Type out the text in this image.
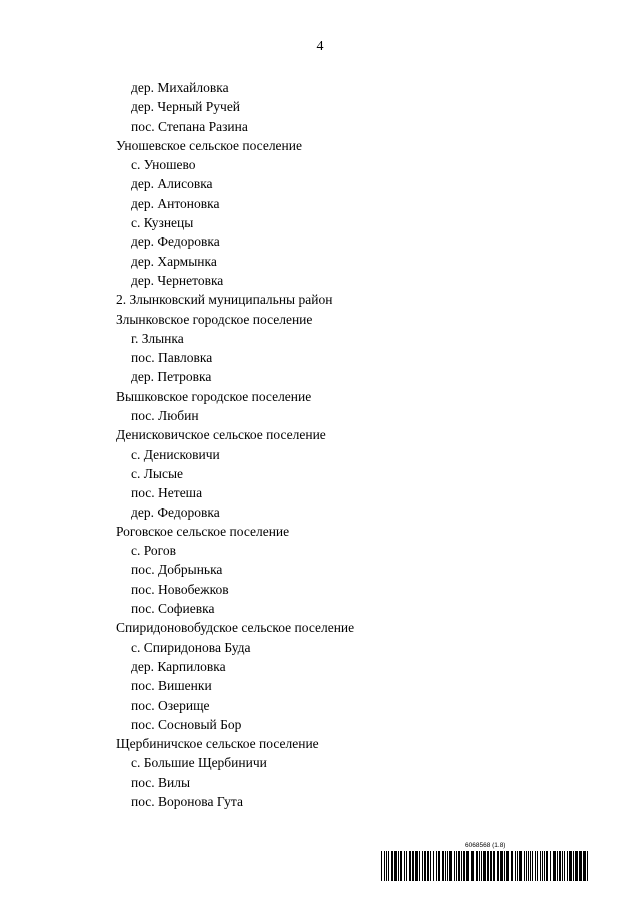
4
дер. Михайловка
дер. Черный Ручей
пос. Степана Разина
Уношевское сельское поселение
с. Уношево
дер. Алисовка
дер. Антоновка
с. Кузнецы
дер. Федоровка
дер. Хармынка
дер. Чернетовка
2. Злынковский муниципальны район
Злынковское городское поселение
г. Злынка
пос. Павловка
дер. Петровка
Вышковское городское поселение
пос. Любин
Денисковичское сельское поселение
с. Денисковичи
с. Лысые
пос. Нетеша
дер. Федоровка
Роговское сельское поселение
с. Рогов
пос. Добрынька
пос. Новобежков
пос. Софиевка
Спиридоновобудское сельское поселение
с. Спиридонова Буда
дер. Карпиловка
пос. Вишенки
пос. Озерище
пос. Сосновый Бор
Щербиничское сельское поселение
с. Большие Щербиничи
пос. Вилы
пос. Воронова Гута
6068568 (1.8)
